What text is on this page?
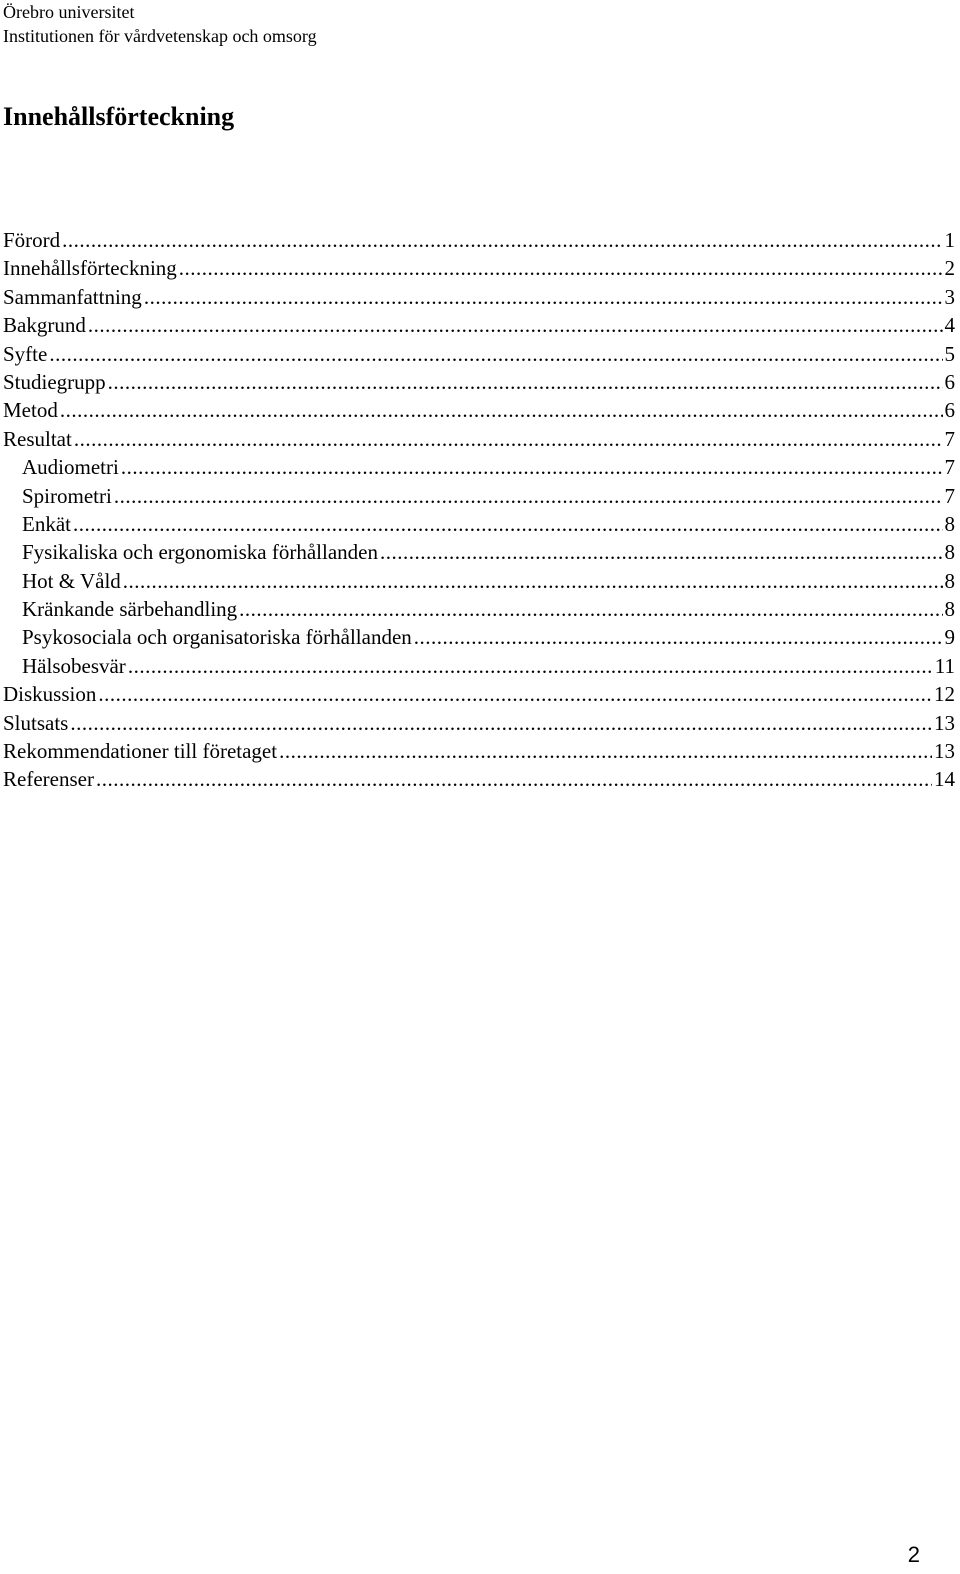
Örebro universitet
Institutionen för vårdvetenskap och omsorg
Innehållsförteckning
Förord .....	1
Innehållsförteckning .....	2
Sammanfattning .....	3
Bakgrund .....	4
Syfte .....	5
Studiegrupp .....	6
Metod .....	6
Resultat .....	7
Audiometri .....	7
Spirometri .....	7
Enkät .....	8
Fysikaliska och ergonomiska förhållanden .....	8
Hot & Våld .....	8
Kränkande särbehandling .....	8
Psykosociala och organisatoriska förhållanden .....	9
Hälsobesvär .....	11
Diskussion .....	12
Slutsats .....	13
Rekommendationer till företaget .....	13
Referenser .....	14
2
